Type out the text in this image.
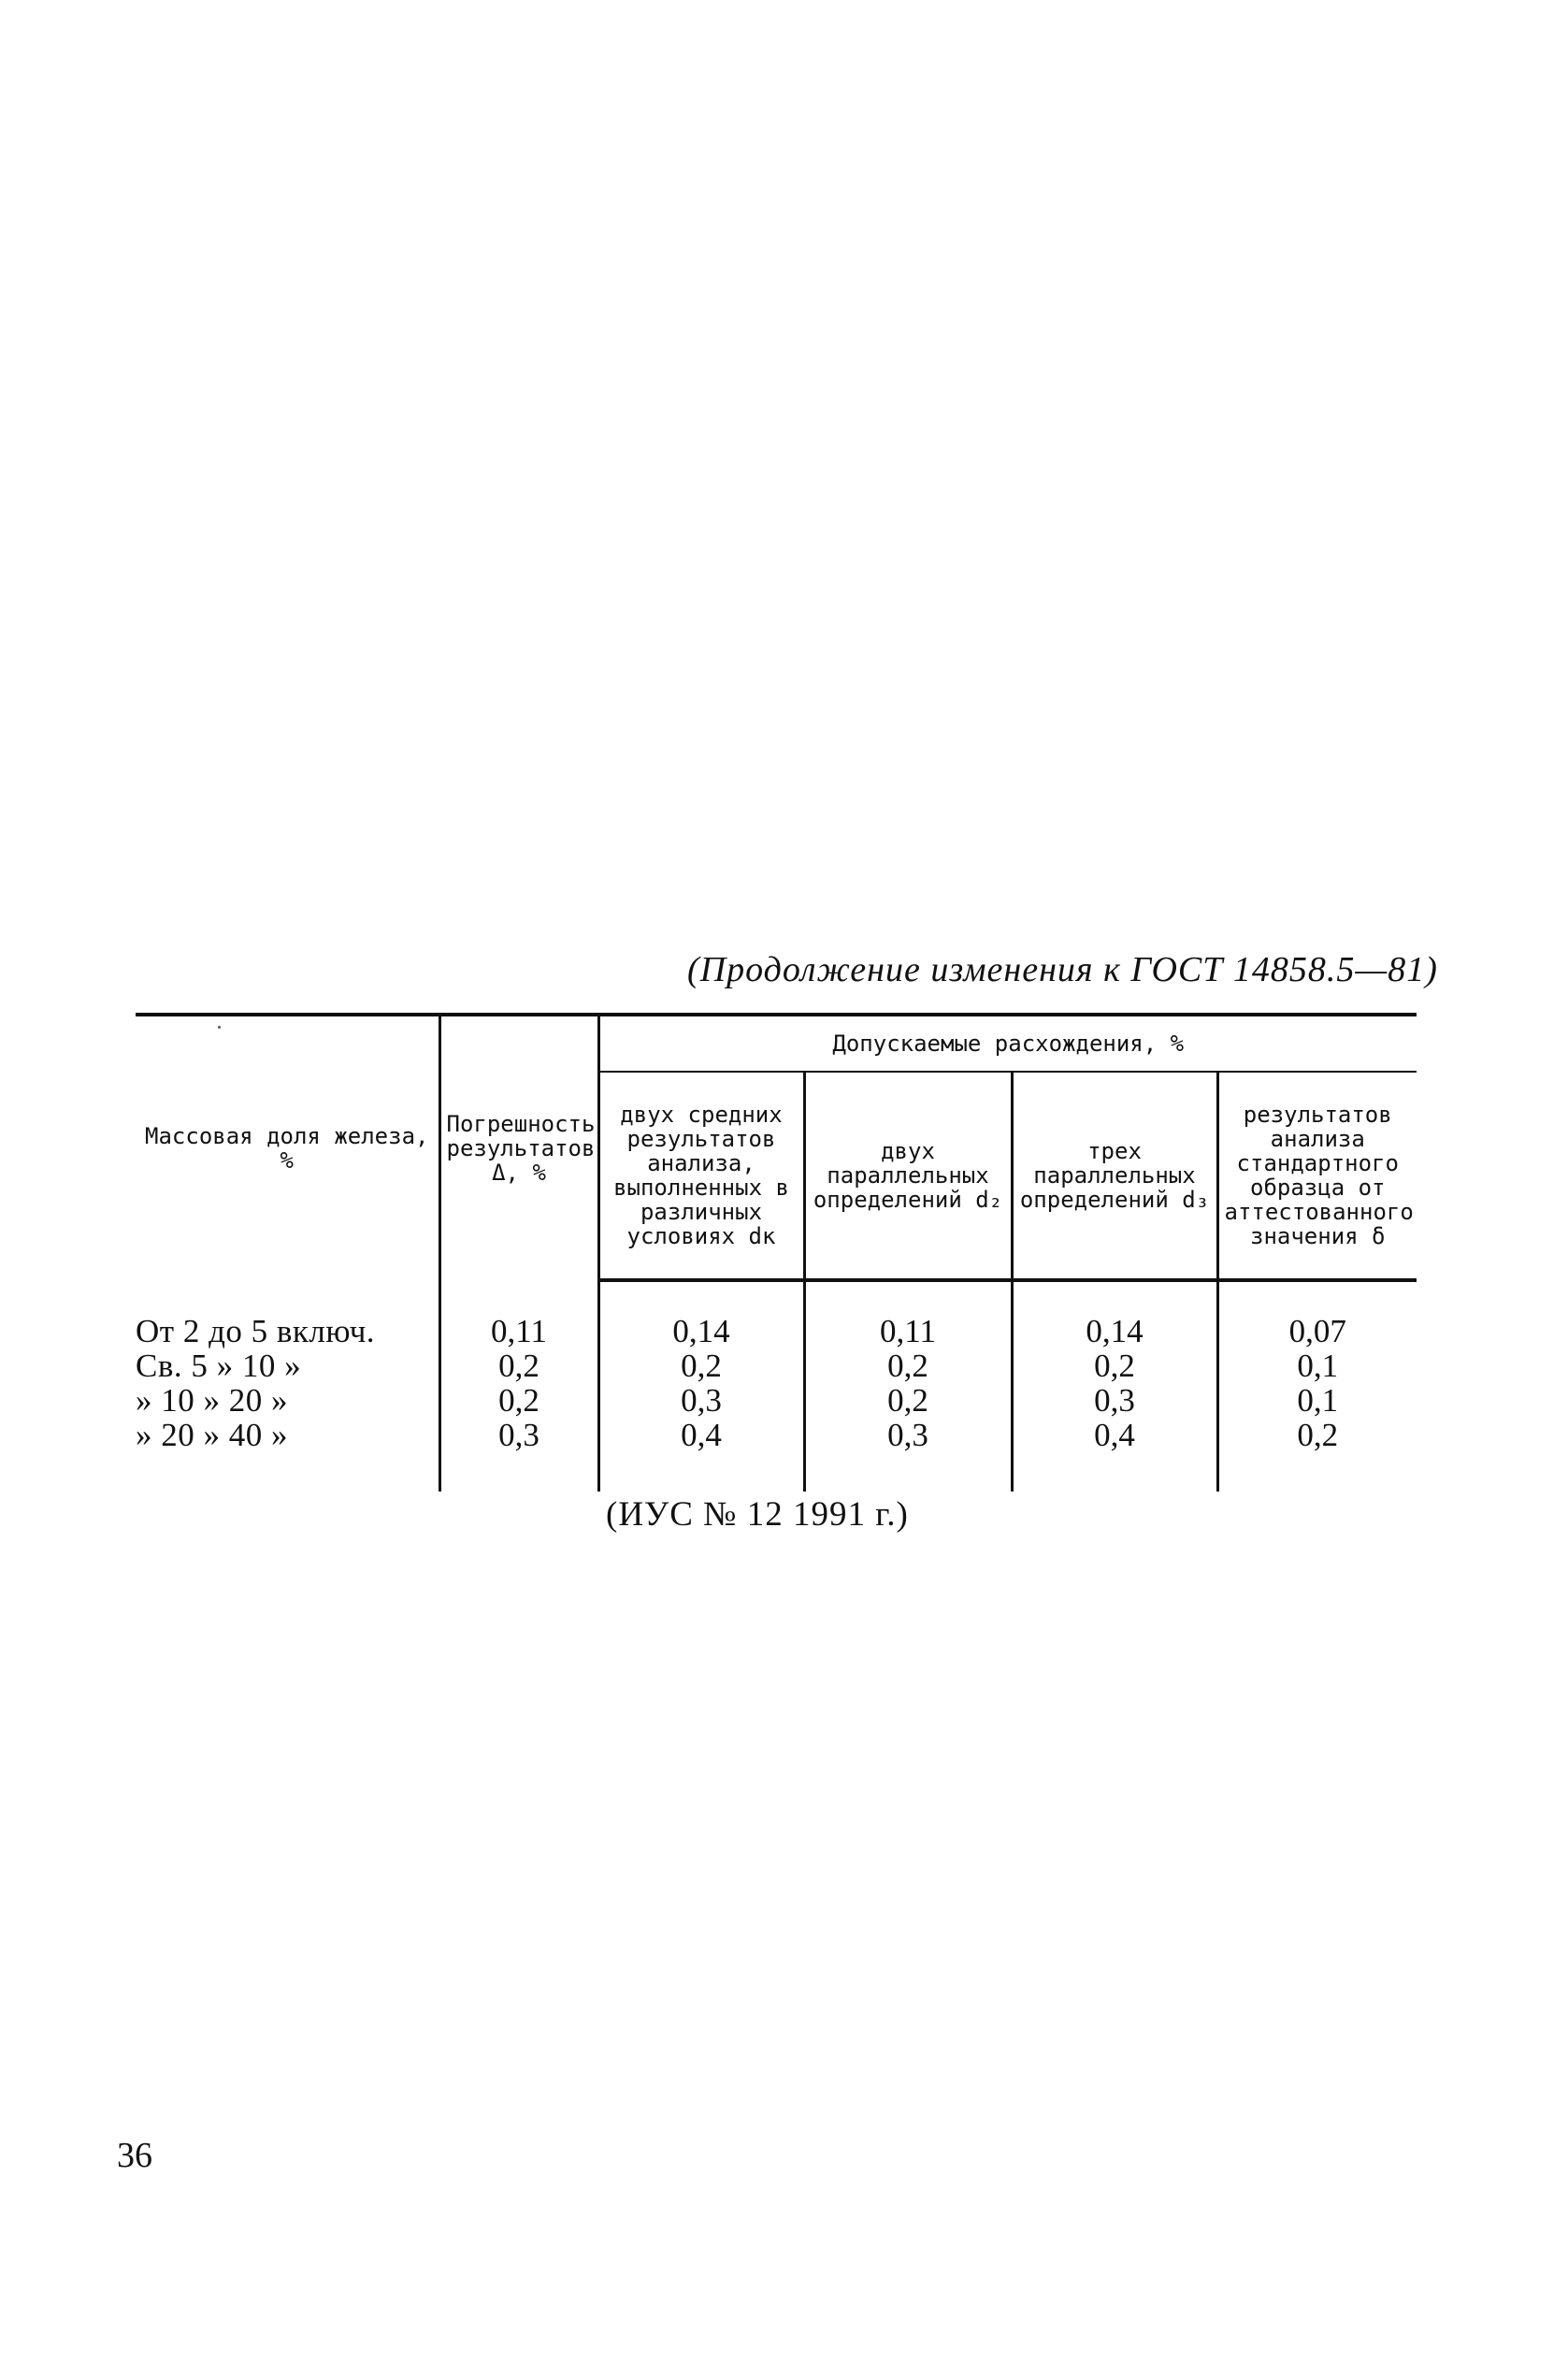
(Продолжение изменения к ГОСТ 14858.5—81)
Массовая доля железа, %	Погрешность результатов Δ, %	Допускаемые расхождения, %			
		двух средних результатов анализа, выполненных в различных условиях dк	двух параллельных определений d₂	трех параллельных определений d₃	результатов анализа стандартного образца от аттестованного значения δ

От 2 до 5 включ.	0,11	0,14	0,11	0,14	0,07
Св. 5 » 10 »	0,2	0,2	0,2	0,2	0,1
» 10 » 20 »	0,2	0,3	0,2	0,3	0,1
» 20 » 40 »	0,3	0,4	0,3	0,4	0,2

(ИУС № 12 1991 г.)
36
